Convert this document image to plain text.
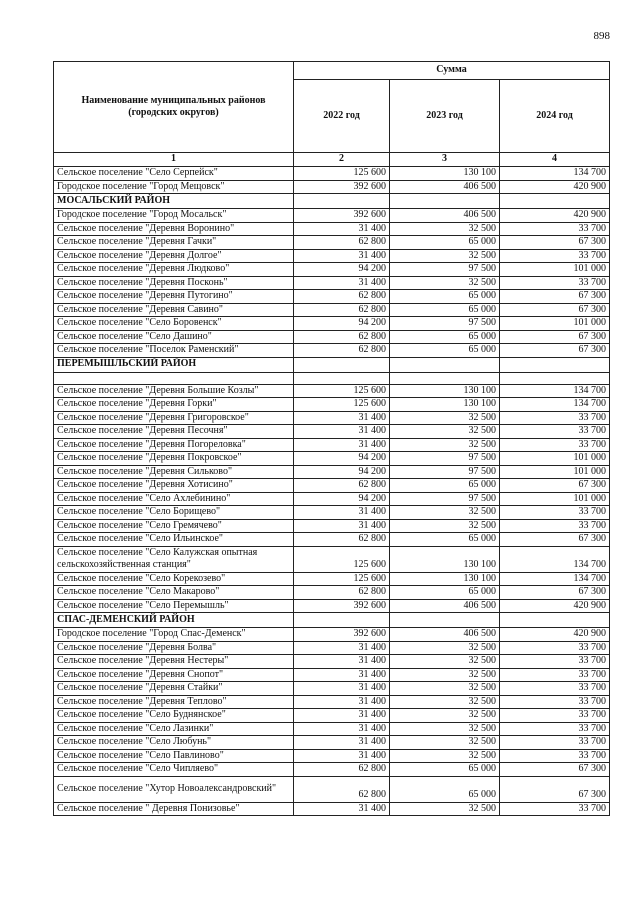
898
Наименование муниципальных районов (городских округов)	Сумма		
	2022 год	2023 год	2024 год
1	2	3	4
Сельское поселение "Село Серпейск"	125 600	130 100	134 700
Городское поселение "Город Мещовск"	392 600	406 500	420 900
МОСАЛЬСКИЙ РАЙОН			
Городское поселение "Город Мосальск"	392 600	406 500	420 900
Сельское поселение "Деревня Воронино"	31 400	32 500	33 700
Сельское поселение "Деревня Гачки"	62 800	65 000	67 300
Сельское поселение "Деревня Долгое"	31 400	32 500	33 700
Сельское поселение "Деревня Людково"	94 200	97 500	101 000
Сельское поселение "Деревня Посконь"	31 400	32 500	33 700
Сельское поселение "Деревня Путогино"	62 800	65 000	67 300
Сельское поселение "Деревня Савино"	62 800	65 000	67 300
Сельское поселение "Село Боровенск"	94 200	97 500	101 000
Сельское поселение "Село Дашино"	62 800	65 000	67 300
Сельское поселение "Поселок Раменский"	62 800	65 000	67 300
ПЕРЕМЫШЛЬСКИЙ РАЙОН			

Сельское поселение "Деревня Большие Козлы"	125 600	130 100	134 700
Сельское поселение "Деревня Горки"	125 600	130 100	134 700
Сельское поселение "Деревня Григоровское"	31 400	32 500	33 700
Сельское поселение "Деревня Песочня"	31 400	32 500	33 700
Сельское поселение "Деревня Погореловка"	31 400	32 500	33 700
Сельское поселение "Деревня Покровское"	94 200	97 500	101 000
Сельское поселение "Деревня Сильково"	94 200	97 500	101 000
Сельское поселение "Деревня Хотисино"	62 800	65 000	67 300
Сельское поселение "Село Ахлебинино"	94 200	97 500	101 000
Сельское поселение "Село Борищево"	31 400	32 500	33 700
Сельское поселение "Село Гремячево"	31 400	32 500	33 700
Сельское поселение "Село Ильинское"	62 800	65 000	67 300
Сельское поселение "Село Калужская опытная сельскохозяйственная станция"	125 600	130 100	134 700
Сельское поселение "Село Корекозево"	125 600	130 100	134 700
Сельское поселение "Село Макарово"	62 800	65 000	67 300
Сельское поселение "Село Перемышль"	392 600	406 500	420 900
СПАС-ДЕМЕНСКИЙ РАЙОН			
Городское поселение "Город Спас-Деменск"	392 600	406 500	420 900
Сельское поселение "Деревня Болва"	31 400	32 500	33 700
Сельское поселение "Деревня Нестеры"	31 400	32 500	33 700
Сельское поселение "Деревня Снопот"	31 400	32 500	33 700
Сельское поселение "Деревня Стайки"	31 400	32 500	33 700
Сельское поселение "Деревня Теплово"	31 400	32 500	33 700
Сельское поселение "Село Буднянское"	31 400	32 500	33 700
Сельское поселение "Село Лазинки"	31 400	32 500	33 700
Сельское поселение "Село Любунь"	31 400	32 500	33 700
Сельское поселение "Село Павлиново"	31 400	32 500	33 700
Сельское поселение "Село Чипляево"	62 800	65 000	67 300
Сельское поселение "Хутор Новоалександровский"	62 800	65 000	67 300
Сельское поселение " Деревня Понизовье"	31 400	32 500	33 700
